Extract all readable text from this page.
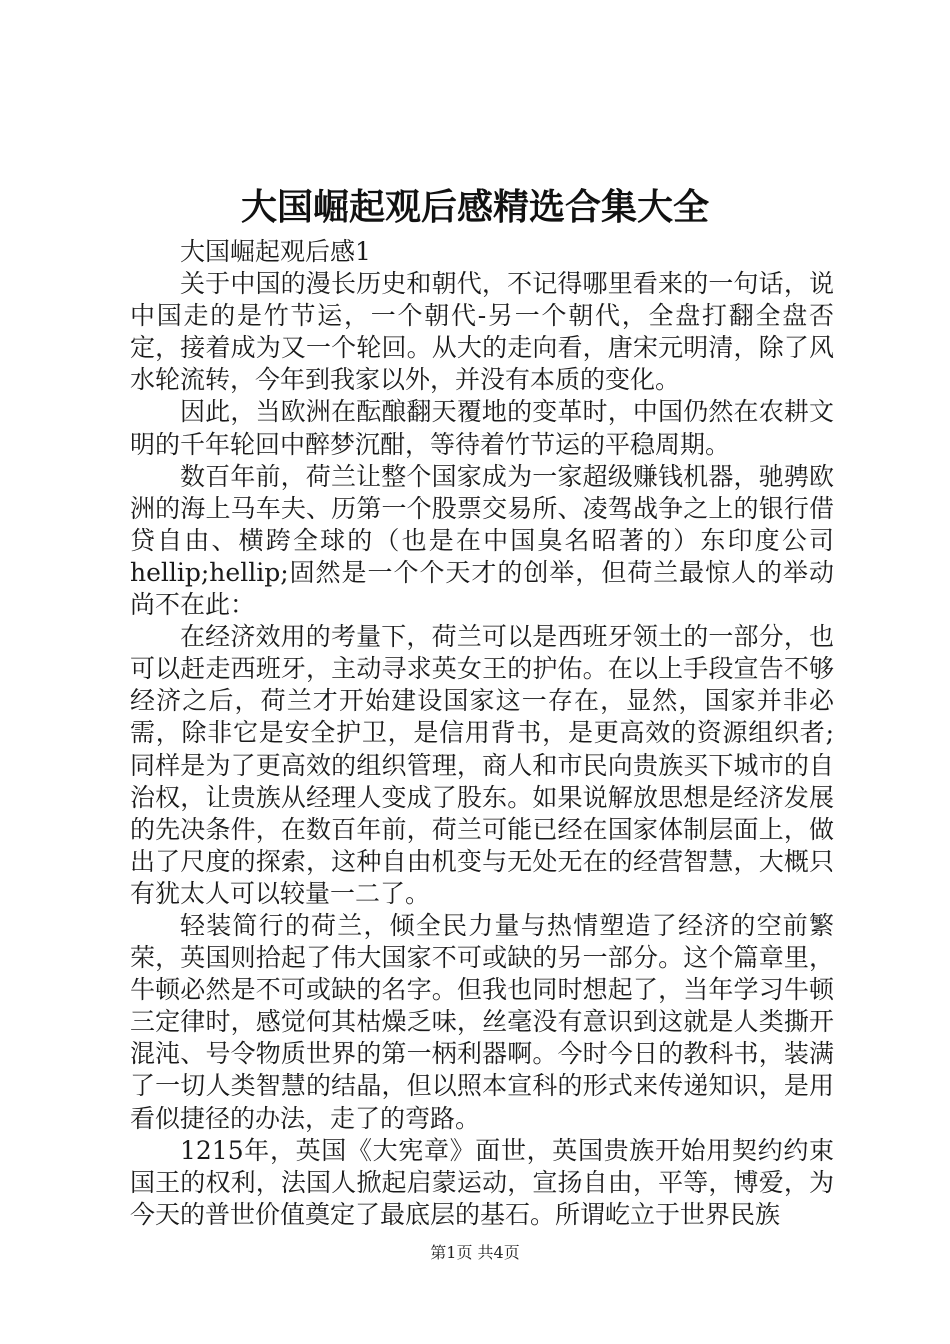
大国崛起观后感精选合集大全

大国崛起观后感1

关于中国的漫长历史和朝代，不记得哪里看来的一句话，说中国走的是竹节运，一个朝代-另一个朝代，全盘打翻全盘否定，接着成为又一个轮回。从大的走向看，唐宋元明清，除了风水轮流转，今年到我家以外，并没有本质的变化。

因此，当欧洲在酝酿翻天覆地的变革时，中国仍然在农耕文明的千年轮回中醉梦沉酣，等待着竹节运的平稳周期。

数百年前，荷兰让整个国家成为一家超级赚钱机器，驰骋欧洲的海上马车夫、历第一个股票交易所、凌驾战争之上的银行借贷自由、横跨全球的（也是在中国臭名昭著的）东印度公司hellip;hellip;固然是一个个天才的创举，但荷兰最惊人的举动尚不在此：

在经济效用的考量下，荷兰可以是西班牙领土的一部分，也可以赶走西班牙，主动寻求英女王的护佑。在以上手段宣告不够经济之后，荷兰才开始建设国家这一存在，显然，国家并非必需，除非它是安全护卫，是信用背书，是更高效的资源组织者;同样是为了更高效的组织管理，商人和市民向贵族买下城市的自治权，让贵族从经理人变成了股东。如果说解放思想是经济发展的先决条件，在数百年前，荷兰可能已经在国家体制层面上，做出了尺度的探索，这种自由机变与无处无在的经营智慧，大概只有犹太人可以较量一二了。

轻装简行的荷兰，倾全民力量与热情塑造了经济的空前繁荣，英国则拾起了伟大国家不可或缺的另一部分。这个篇章里，牛顿必然是不可或缺的名字。但我也同时想起了，当年学习牛顿三定律时，感觉何其枯燥乏味，丝毫没有意识到这就是人类撕开混沌、号令物质世界的第一柄利器啊。今时今日的教科书，装满了一切人类智慧的结晶，但以照本宣科的形式来传递知识，是用看似捷径的办法，走了的弯路。

1215年，英国《大宪章》面世，英国贵族开始用契约约束国王的权利，法国人掀起启蒙运动，宣扬自由，平等，博爱，为今天的普世价值奠定了最底层的基石。所谓屹立于世界民族

第1页 共4页
